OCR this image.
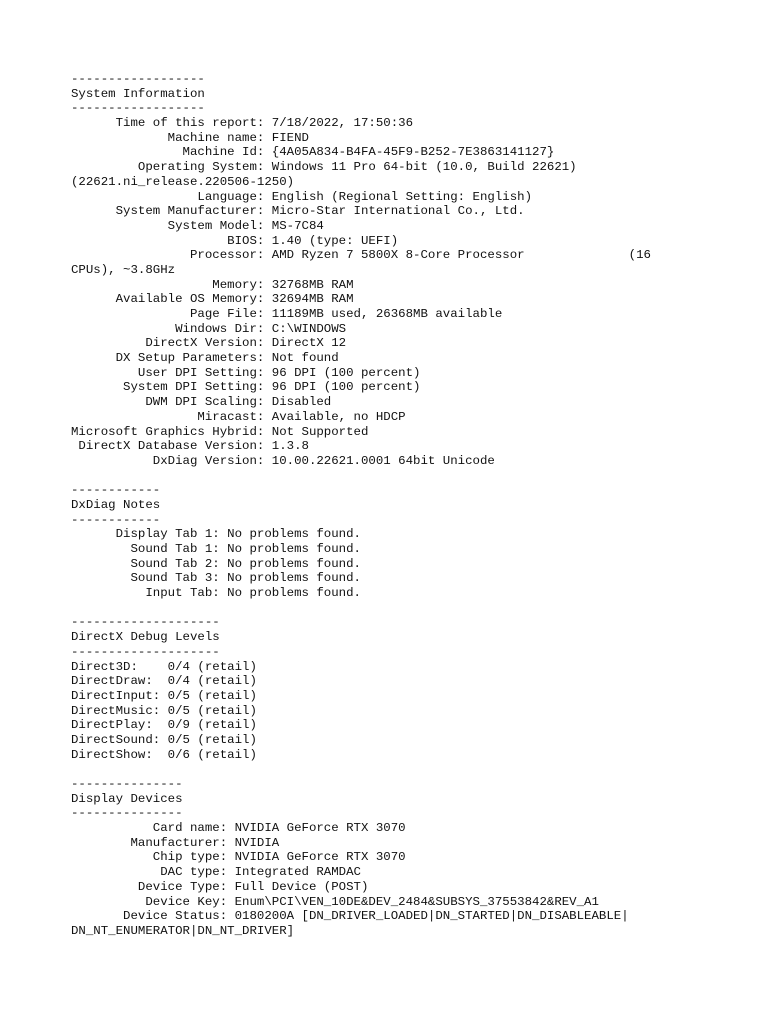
------------------
System Information
------------------
Time of this report: 7/18/2022, 17:50:36
Machine name: FIEND
Machine Id: {4A05A834-B4FA-45F9-B252-7E3863141127}
Operating System: Windows 11 Pro 64-bit (10.0, Build 22621)
(22621.ni_release.220506-1250)
Language: English (Regional Setting: English)
System Manufacturer: Micro-Star International Co., Ltd.
System Model: MS-7C84
BIOS: 1.40 (type: UEFI)
Processor: AMD Ryzen 7 5800X 8-Core Processor              (16
CPUs), ~3.8GHz
Memory: 32768MB RAM
Available OS Memory: 32694MB RAM
Page File: 11189MB used, 26368MB available
Windows Dir: C:\WINDOWS
DirectX Version: DirectX 12
DX Setup Parameters: Not found
User DPI Setting: 96 DPI (100 percent)
System DPI Setting: 96 DPI (100 percent)
DWM DPI Scaling: Disabled
Miracast: Available, no HDCP
Microsoft Graphics Hybrid: Not Supported
DirectX Database Version: 1.3.8
DxDiag Version: 10.00.22621.0001 64bit Unicode
------------
DxDiag Notes
------------
Display Tab 1: No problems found.
Sound Tab 1: No problems found.
Sound Tab 2: No problems found.
Sound Tab 3: No problems found.
Input Tab: No problems found.
--------------------
DirectX Debug Levels
--------------------
Direct3D:    0/4 (retail)
DirectDraw:  0/4 (retail)
DirectInput: 0/5 (retail)
DirectMusic: 0/5 (retail)
DirectPlay:  0/9 (retail)
DirectSound: 0/5 (retail)
DirectShow:  0/6 (retail)
---------------
Display Devices
---------------
Card name: NVIDIA GeForce RTX 3070
Manufacturer: NVIDIA
Chip type: NVIDIA GeForce RTX 3070
DAC type: Integrated RAMDAC
Device Type: Full Device (POST)
Device Key: Enum\PCI\VEN_10DE&DEV_2484&SUBSYS_37553842&REV_A1
Device Status: 0180200A [DN_DRIVER_LOADED|DN_STARTED|DN_DISABLEABLE|
DN_NT_ENUMERATOR|DN_NT_DRIVER]
